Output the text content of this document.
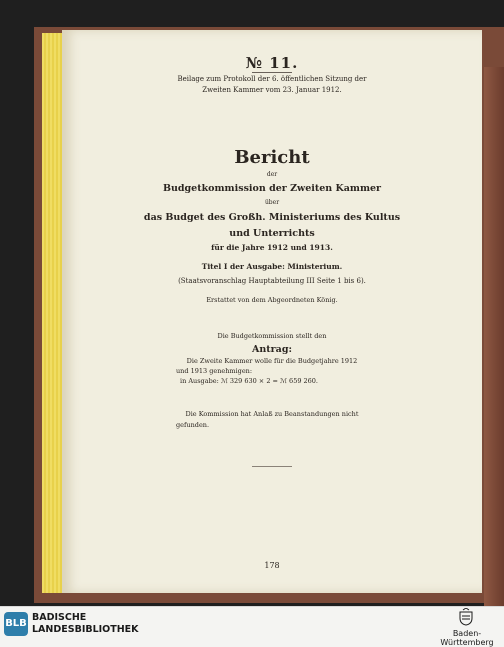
№ 11.
Beilage zum Protokoll der 6. öffentlichen Sitzung der
Zweiten Kammer vom 23. Januar 1912.
Bericht
der
Budgetkommission der Zweiten Kammer
über
das Budget des Großh. Ministeriums des Kultus
und Unterrichts
für die Jahre 1912 und 1913.
Titel I der Ausgabe: Ministerium.
(Staatsvoranschlag Hauptabteilung III Seite 1 bis 6).
Erstattet von dem Abgeordneten König.
Die Budgetkommission stellt den
Antrag:
Die Zweite Kammer wolle für die Budgetjahre 1912
und 1913 genehmigen:
in Ausgabe: ℳ 329 630 × 2 = ℳ 659 260.
Die Kommission hat Anlaß zu Beanstandungen nicht
gefunden.
178
BLB
BADISCHE
LANDESBIBLIOTHEK	Baden-Württemberg
